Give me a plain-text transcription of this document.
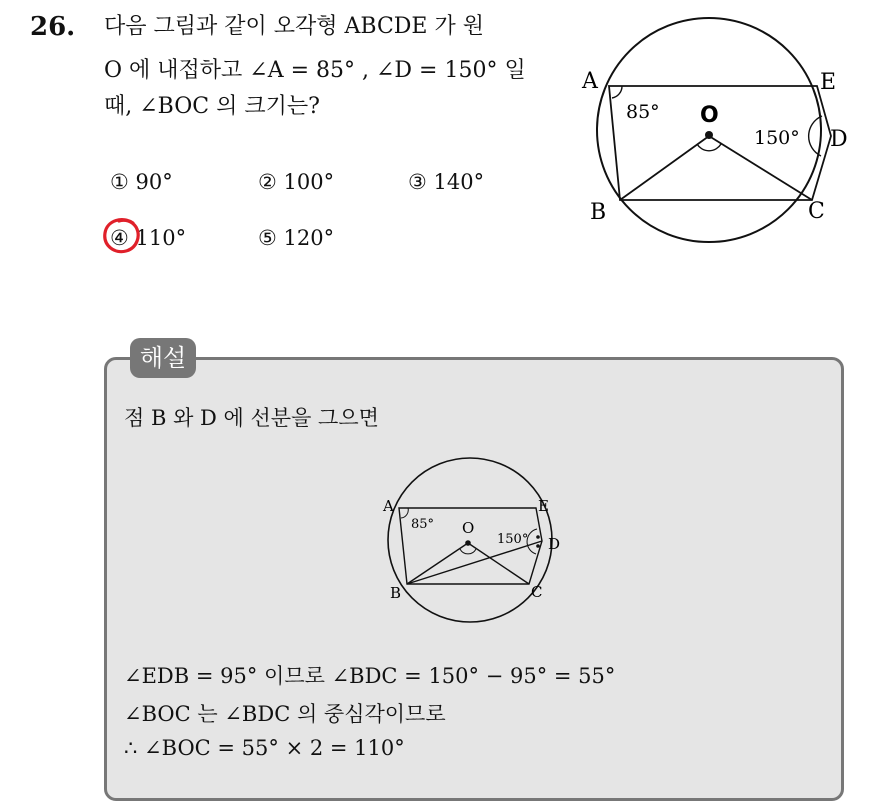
26. 다음 그림과 같이 오각형 ABCDE 가 원
O 에 내접하고 ∠A = 85° , ∠D = 150° 일
때, ∠BOC 의 크기는?
① 90°	② 100°	③ 140°
④ 110°	⑤ 120°
A	E
D
C
B
O
85°
150°
해설
점 B 와 D 에 선분을 그으면
A	E
D
C
B
O
85°
150°
∠EDB = 95° 이므로 ∠BDC = 150° − 95° = 55°
∠BOC 는 ∠BDC 의 중심각이므로
∴ ∠BOC = 55° × 2 = 110°
